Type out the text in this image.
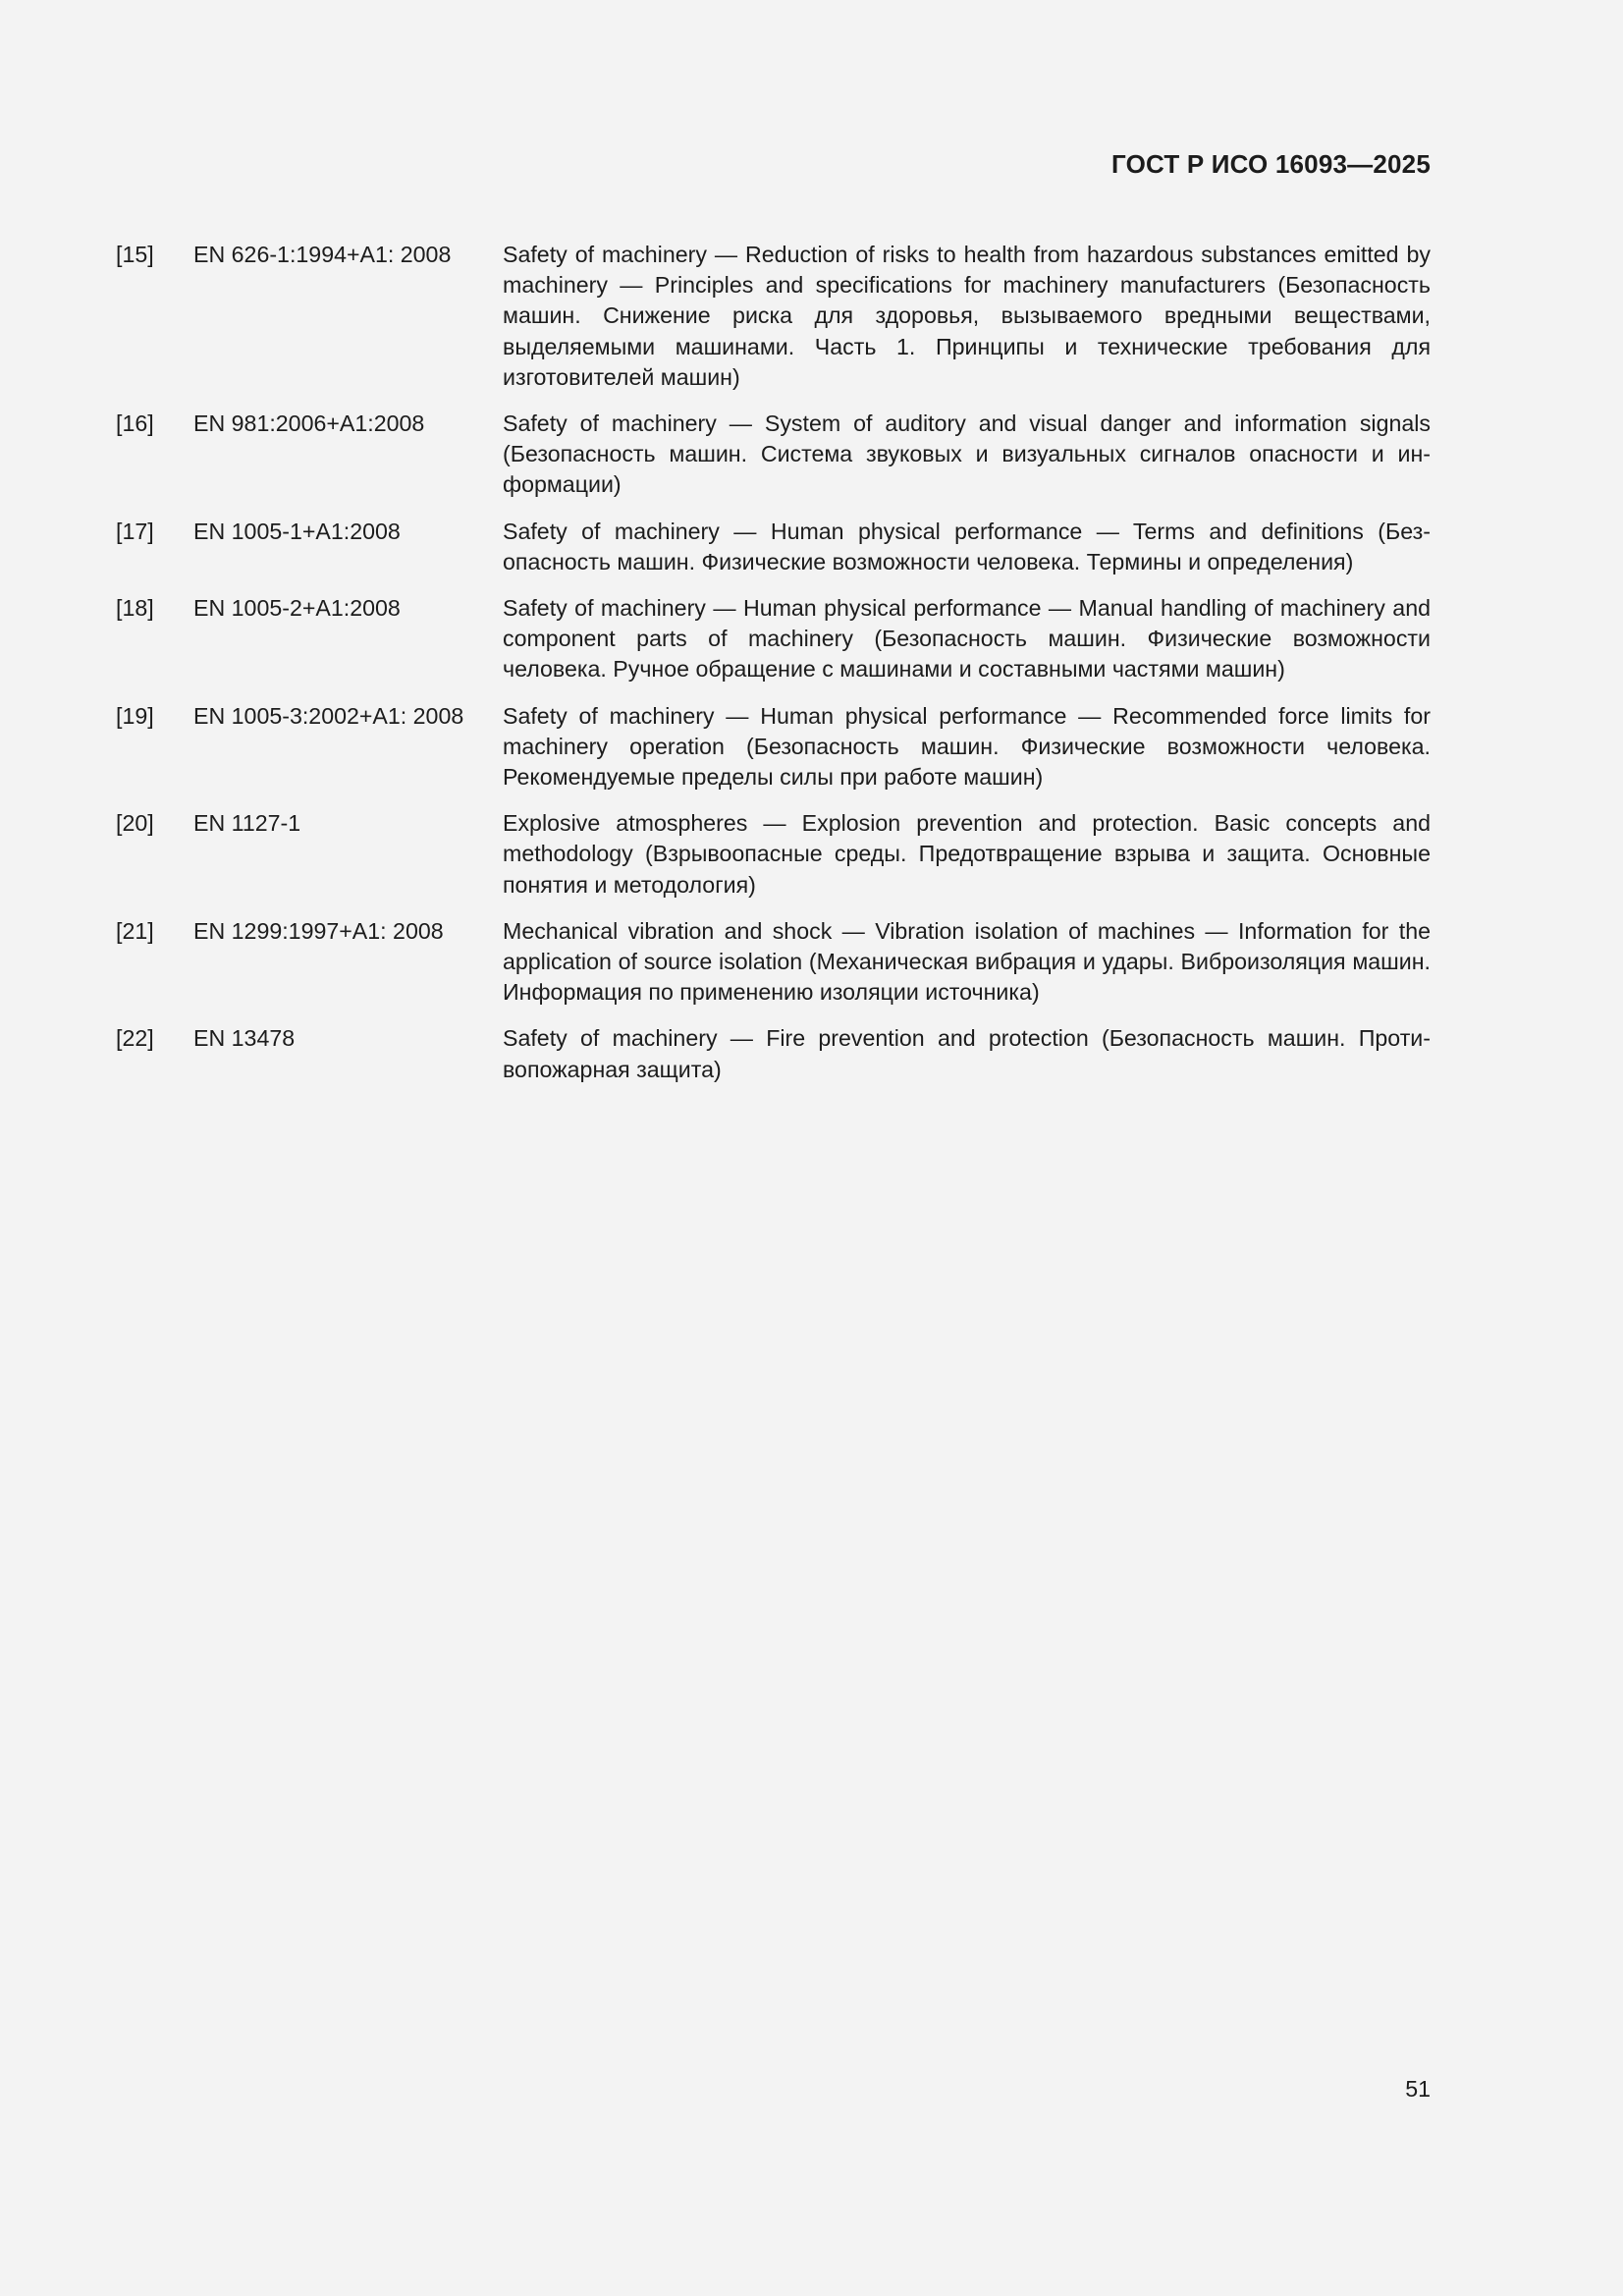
ГОСТ Р ИСО 16093—2025
[15]	EN 626-1:1994+A1: 2008	Safety of machinery — Reduction of risks to health from hazardous substances emitted by machinery — Principles and specifications for machinery manufacturers (Безопасность машин. Снижение риска для здоровья, вызываемого вредными веществами, выделяемыми машинами. Часть 1. Принципы и технические требования для изготовителей машин)
[16]	EN 981:2006+A1:2008	Safety of machinery — System of auditory and visual danger and information signals (Безопасность машин. Система звуковых и визуальных сигналов опасности и информации)
[17]	EN 1005-1+A1:2008	Safety of machinery — Human physical performance — Terms and definitions (Безопасность машин. Физические возможности человека. Термины и определения)
[18]	EN 1005-2+A1:2008	Safety of machinery — Human physical performance — Manual handling of machinery and component parts of machinery (Безопасность машин. Физические возможности человека. Ручное обращение с машинами и составными частями машин)
[19]	EN 1005-3:2002+A1: 2008	Safety of machinery — Human physical performance — Recommended force limits for machinery operation (Безопасность машин. Физические возможности человека. Рекомендуемые пределы силы при работе машин)
[20]	EN 1127-1	Explosive atmospheres — Explosion prevention and protection. Basic concepts and methodology (Взрывоопасные среды. Предотвращение взрыва и защита. Основные понятия и методология)
[21]	EN 1299:1997+A1: 2008	Mechanical vibration and shock — Vibration isolation of machines — Information for the application of source isolation (Механическая вибрация и удары. Виброизоляция машин. Информация по применению изоляции источника)
[22]	EN 13478	Safety of machinery — Fire prevention and protection (Безопасность машин. Противопожарная защита)
51
